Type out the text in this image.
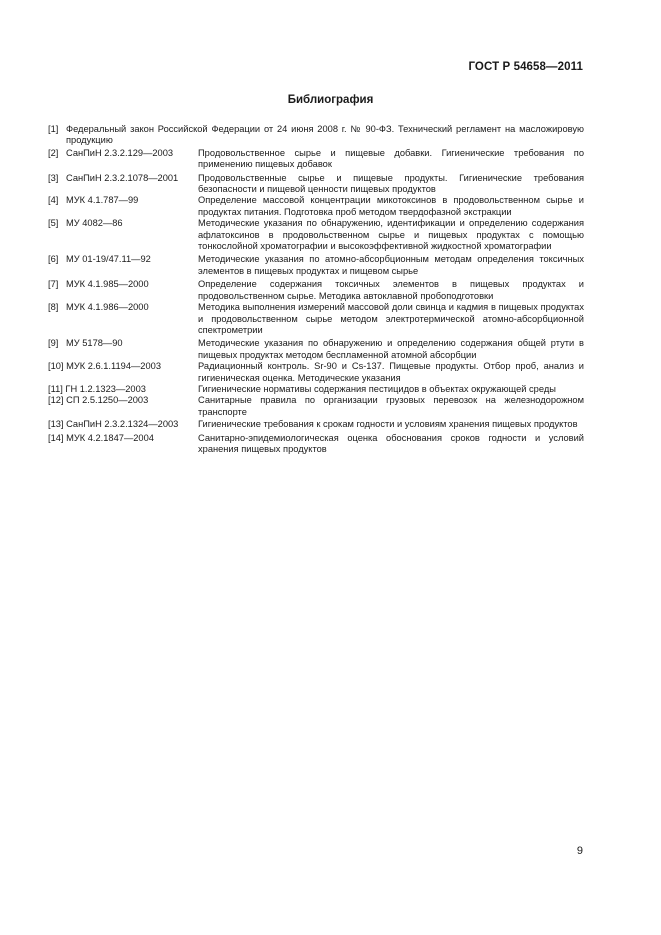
ГОСТ Р 54658—2011
Библиография
[1] Федеральный закон Российской Федерации от 24 июня 2008 г. № 90-ФЗ. Технический регламент на масложировую продукцию
[2] СанПиН 2.3.2.129—2003	Продовольственное сырье и пищевые добавки. Гигиенические требования по применению пищевых добавок
[3] СанПиН 2.3.2.1078—2001 Продовольственные сырье и пищевые продукты. Гигиенические требования безопасности и пищевой ценности пищевых продуктов
[4] МУК 4.1.787—99	Определение массовой концентрации микотоксинов в продовольственном сырье и продуктах питания. Подготовка проб методом твердофазной экстракции
[5] МУ 4082—86	Методические указания по обнаружению, идентификации и определению содержания афлатоксинов в продовольственном сырье и пищевых продуктах с помощью тонкослойной хроматографии и высокоэффективной жидкостной хроматографии
[6] МУ 01-19/47.11—92	Методические указания по атомно-абсорбционным методам определения токсичных элементов в пищевых продуктах и пищевом сырье
[7] МУК 4.1.985—2000	Определение содержания токсичных элементов в пищевых продуктах и продовольственном сырье. Методика автоклавной пробоподготовки
[8] МУК 4.1.986—2000	Методика выполнения измерений массовой доли свинца и кадмия в пищевых продуктах и продовольственном сырье методом электротермической атомно-абсорбционной спектрометрии
[9] МУ 5178—90	Методические указания по обнаружению и определению содержания общей ртути в пищевых продуктах методом беспламенной атомной абсорбции
[10] МУК 2.6.1.1194—2003	Радиационный контроль. Sr-90 и Cs-137. Пищевые продукты. Отбор проб, анализ и гигиеническая оценка. Методические указания
[11] ГН 1.2.1323—2003	Гигиенические нормативы содержания пестицидов в объектах окружающей среды
[12] СП 2.5.1250—2003	Санитарные правила по организации грузовых перевозок на железнодорожном транспорте
[13] СанПиН 2.3.2.1324—2003 Гигиенические требования к срокам годности и условиям хранения пищевых продуктов
[14] МУК 4.2.1847—2004	Санитарно-эпидемиологическая оценка обоснования сроков годности и условий хранения пищевых продуктов
9
